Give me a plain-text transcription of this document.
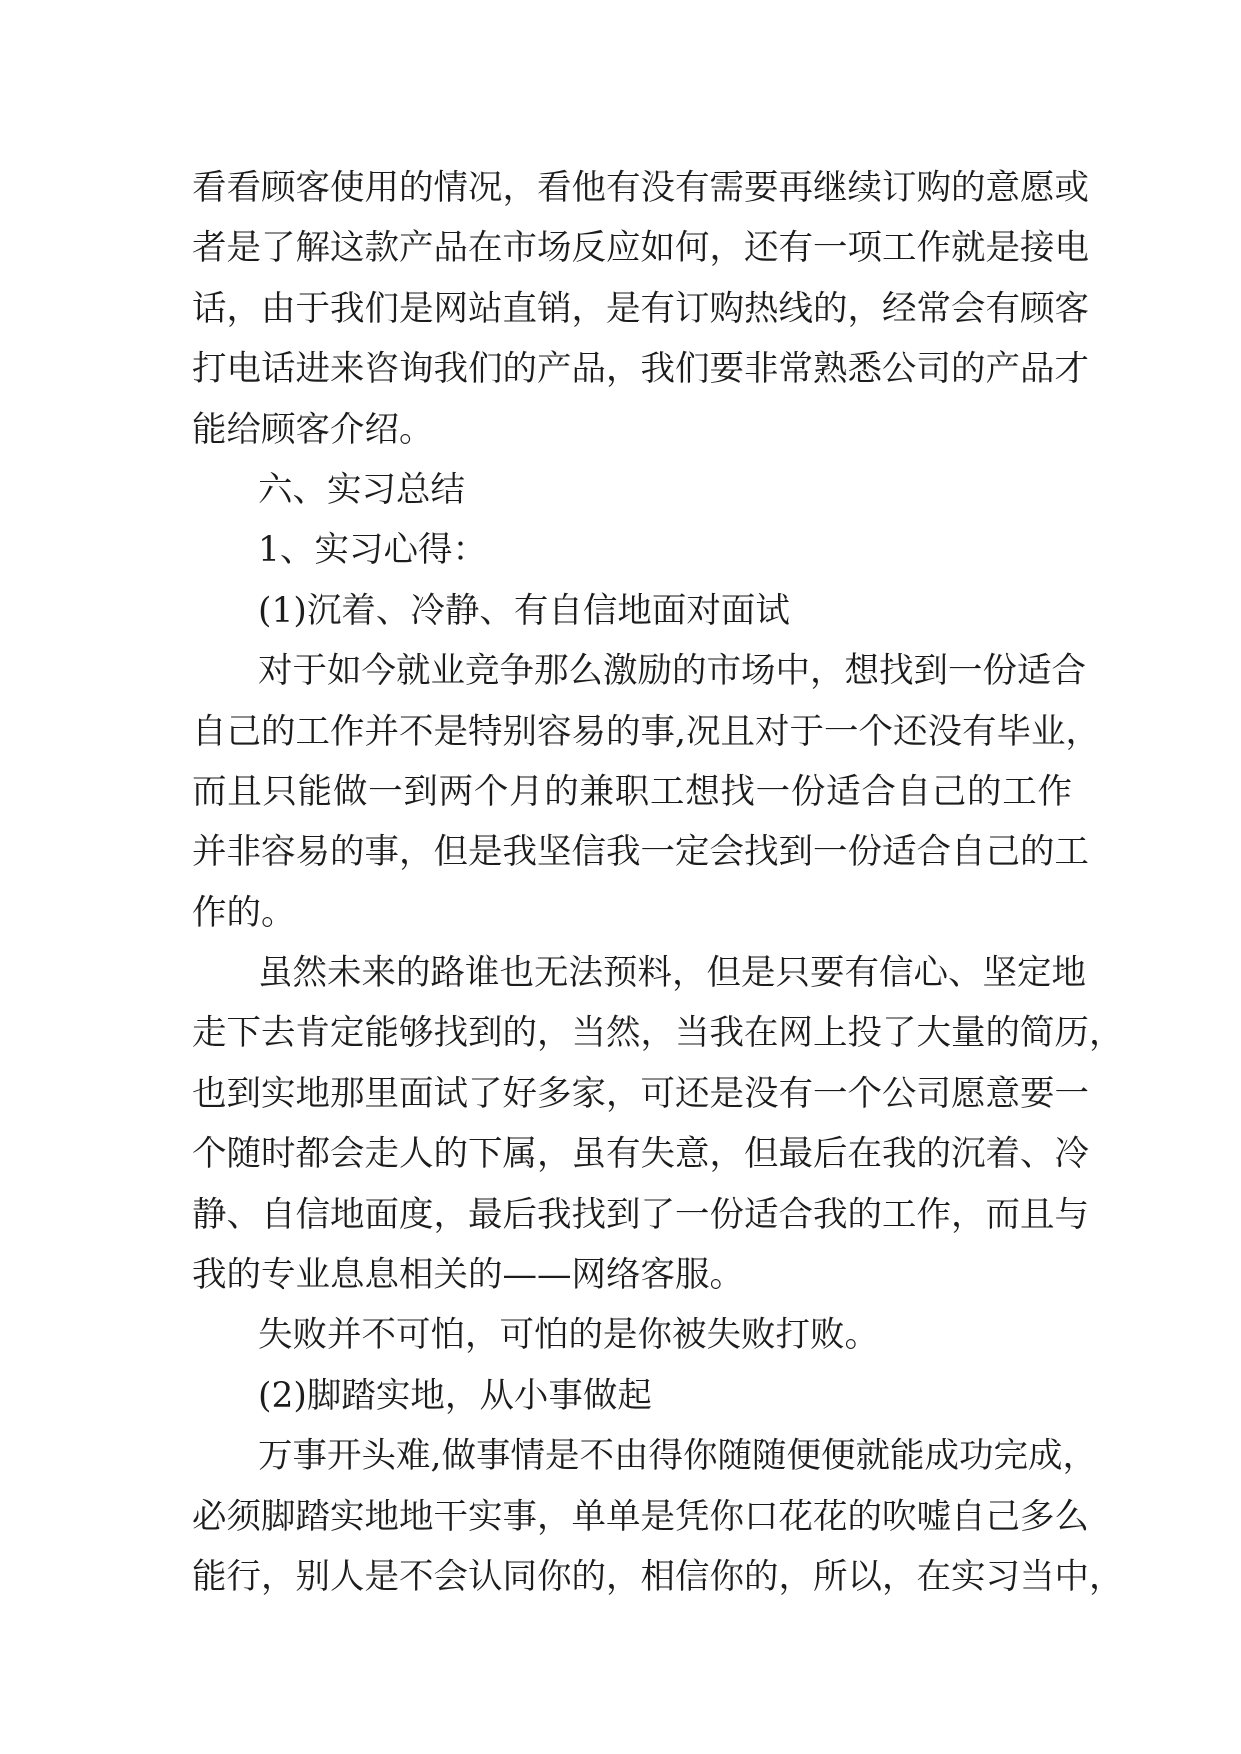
看看顾客使用的情况，看他有没有需要再继续订购的意愿或
者是了解这款产品在市场反应如何，还有一项工作就是接电
话，由于我们是网站直销，是有订购热线的，经常会有顾客
打电话进来咨询我们的产品，我们要非常熟悉公司的产品才
能给顾客介绍。
六、实习总结
1、实习心得：
(1)沉着、冷静、有自信地面对面试
对于如今就业竞争那么激励的市场中，想找到一份适合
自己的工作并不是特别容易的事,况且对于一个还没有毕业，
而且只能做一到两个月的兼职工想找一份适合自己的工作
并非容易的事，但是我坚信我一定会找到一份适合自己的工
作的。
虽然未来的路谁也无法预料，但是只要有信心、坚定地
走下去肯定能够找到的，当然，当我在网上投了大量的简历，
也到实地那里面试了好多家，可还是没有一个公司愿意要一
个随时都会走人的下属，虽有失意，但最后在我的沉着、冷
静、自信地面度，最后我找到了一份适合我的工作，而且与
我的专业息息相关的——网络客服。
失败并不可怕，可怕的是你被失败打败。
(2)脚踏实地，从小事做起
万事开头难,做事情是不由得你随随便便就能成功完成，
必须脚踏实地地干实事，单单是凭你口花花的吹嘘自己多么
能行，别人是不会认同你的，相信你的，所以，在实习当中，
